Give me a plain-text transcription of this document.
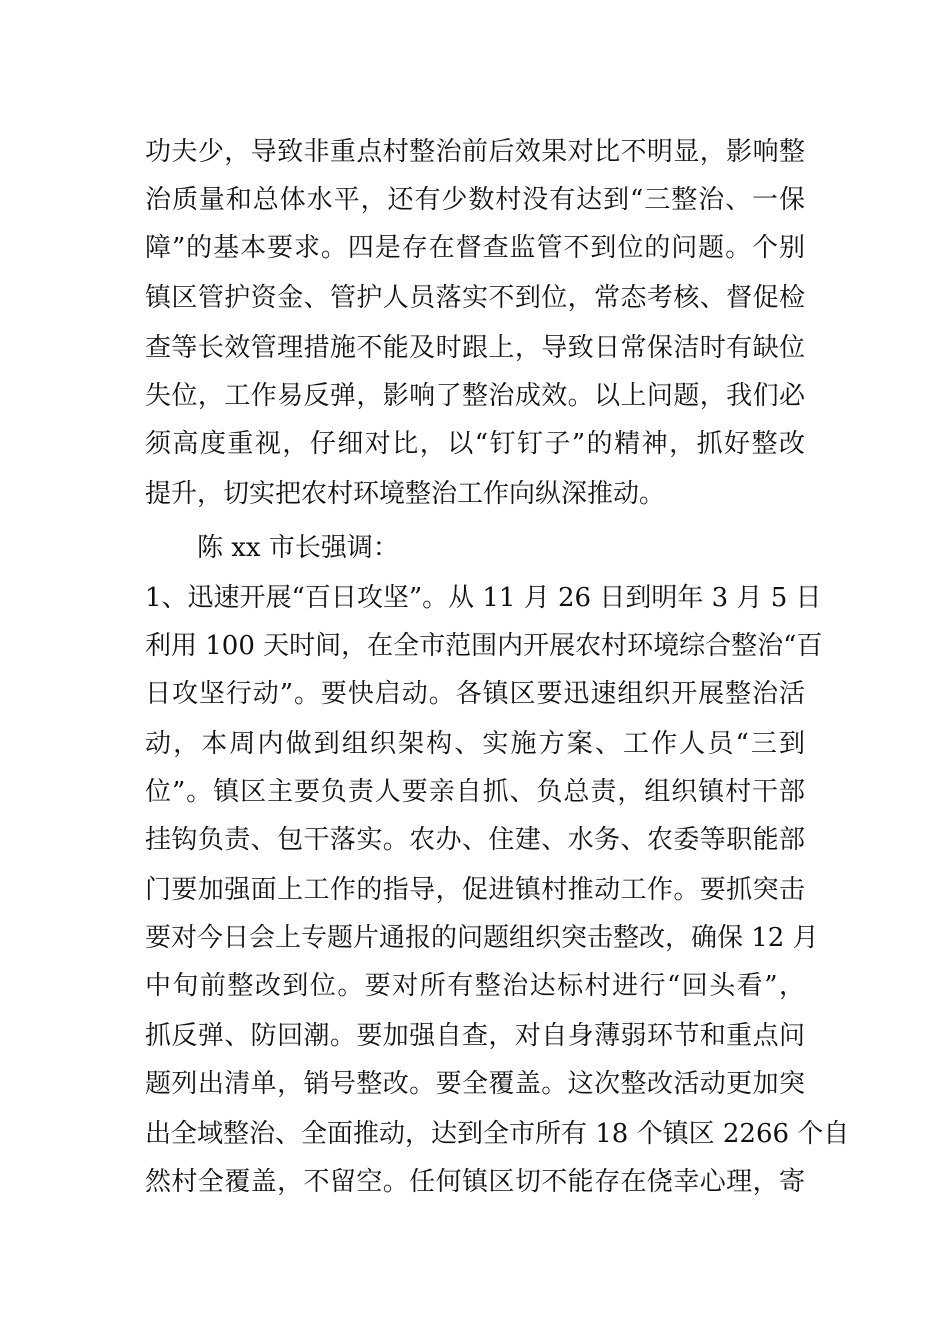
功夫少，导致非重点村整治前后效果对比不明显，影响整
治质量和总体水平，还有少数村没有达到“三整治、一保
障”的基本要求。四是存在督查监管不到位的问题。个别
镇区管护资金、管护人员落实不到位，常态考核、督促检
查等长效管理措施不能及时跟上，导致日常保洁时有缺位
失位，工作易反弹，影响了整治成效。以上问题，我们必
须高度重视，仔细对比，以“钉钉子”的精神，抓好整改
提升，切实把农村环境整治工作向纵深推动。
陈 xx 市长强调：
1、迅速开展“百日攻坚”。从 11 月 26 日到明年 3 月 5 日
利用 100 天时间，在全市范围内开展农村环境综合整治“百
日攻坚行动”。要快启动。各镇区要迅速组织开展整治活
动，本周内做到组织架构、实施方案、工作人员“三到
位”。镇区主要负责人要亲自抓、负总责，组织镇村干部
挂钩负责、包干落实。农办、住建、水务、农委等职能部
门要加强面上工作的指导，促进镇村推动工作。要抓突击
要对今日会上专题片通报的问题组织突击整改，确保 12 月
中旬前整改到位。要对所有整治达标村进行“回头看”，
抓反弹、防回潮。要加强自查，对自身薄弱环节和重点问
题列出清单，销号整改。要全覆盖。这次整改活动更加突
出全域整治、全面推动，达到全市所有 18 个镇区 2266 个自
然村全覆盖，不留空。任何镇区切不能存在侥幸心理，寄
